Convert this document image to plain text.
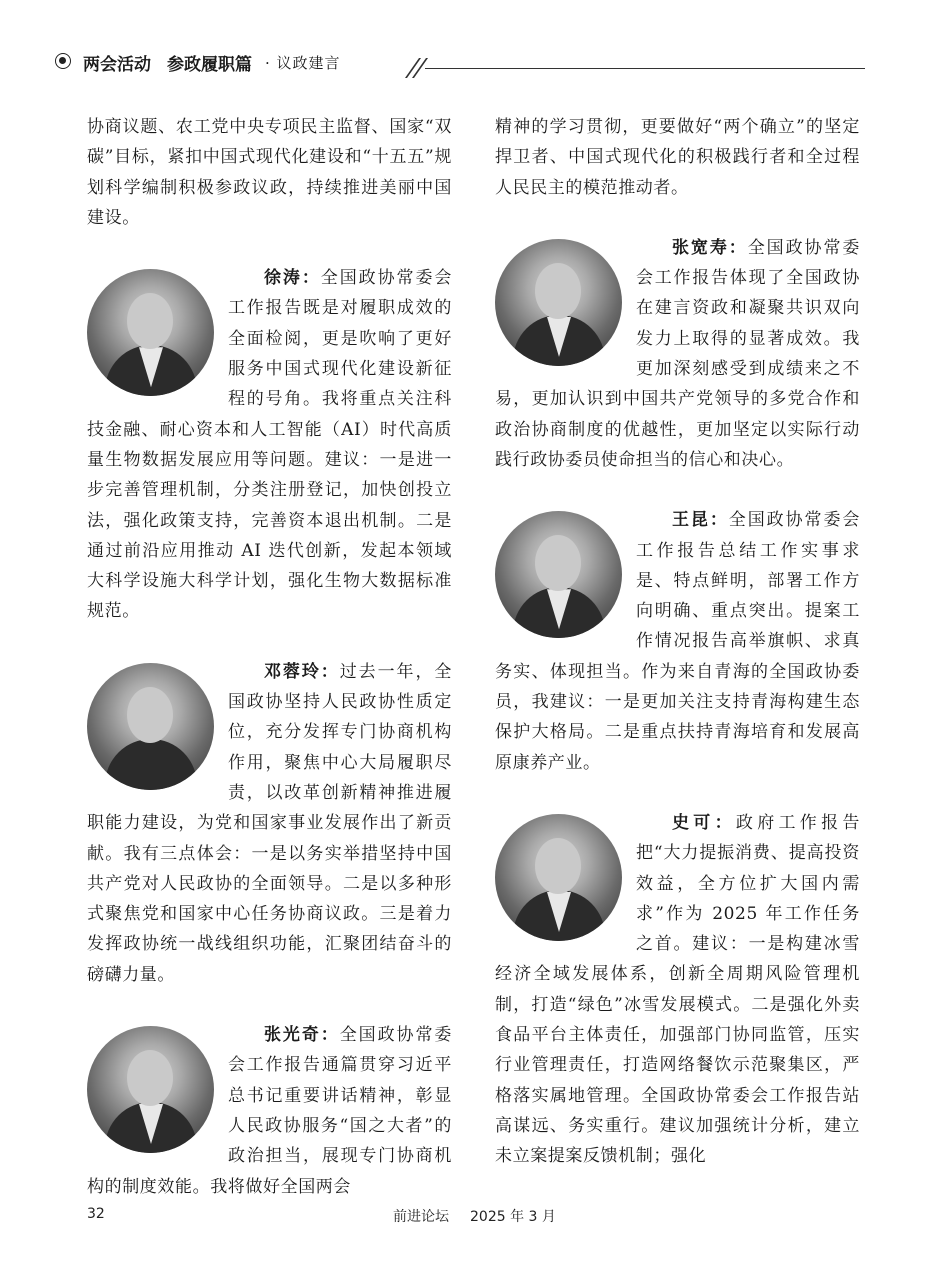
两会活动 参政履职篇 · 议政建言

协商议题、农工党中央专项民主监督、国家“双碳”目标，紧扣中国式现代化建设和“十五五”规划科学编制积极参政议政，持续推进美丽中国建设。

徐涛：全国政协常委会工作报告既是对履职成效的全面检阅，更是吹响了更好服务中国式现代化建设新征程的号角。我将重点关注科技金融、耐心资本和人工智能（AI）时代高质量生物数据发展应用等问题。建议：一是进一步完善管理机制，分类注册登记，加快创投立法，强化政策支持，完善资本退出机制。二是通过前沿应用推动 AI 迭代创新，发起本领域大科学设施大科学计划，强化生物大数据标准规范。

邓蓉玲：过去一年，全国政协坚持人民政协性质定位，充分发挥专门协商机构作用，聚焦中心大局履职尽责，以改革创新精神推进履职能力建设，为党和国家事业发展作出了新贡献。我有三点体会：一是以务实举措坚持中国共产党对人民政协的全面领导。二是以多种形式聚焦党和国家中心任务协商议政。三是着力发挥政协统一战线组织功能，汇聚团结奋斗的磅礴力量。

张光奇：全国政协常委会工作报告通篇贯穿习近平总书记重要讲话精神，彰显人民政协服务“国之大者”的政治担当，展现专门协商机构的制度效能。我将做好全国两会

精神的学习贯彻，更要做好“两个确立”的坚定捍卫者、中国式现代化的积极践行者和全过程人民民主的模范推动者。

张宽寿：全国政协常委会工作报告体现了全国政协在建言资政和凝聚共识双向发力上取得的显著成效。我更加深刻感受到成绩来之不易，更加认识到中国共产党领导的多党合作和政治协商制度的优越性，更加坚定以实际行动践行政协委员使命担当的信心和决心。

王昆：全国政协常委会工作报告总结工作实事求是、特点鲜明，部署工作方向明确、重点突出。提案工作情况报告高举旗帜、求真务实、体现担当。作为来自青海的全国政协委员，我建议：一是更加关注支持青海构建生态保护大格局。二是重点扶持青海培育和发展高原康养产业。

史可：政府工作报告把“大力提振消费、提高投资效益，全方位扩大国内需求”作为 2025 年工作任务之首。建议：一是构建冰雪经济全域发展体系，创新全周期风险管理机制，打造“绿色”冰雪发展模式。二是强化外卖食品平台主体责任，加强部门协同监管，压实行业管理责任，打造网络餐饮示范聚集区，严格落实属地管理。全国政协常委会工作报告站高谋远、务实重行。建议加强统计分析，建立未立案提案反馈机制；强化

32	前进论坛 2025 年 3 月
